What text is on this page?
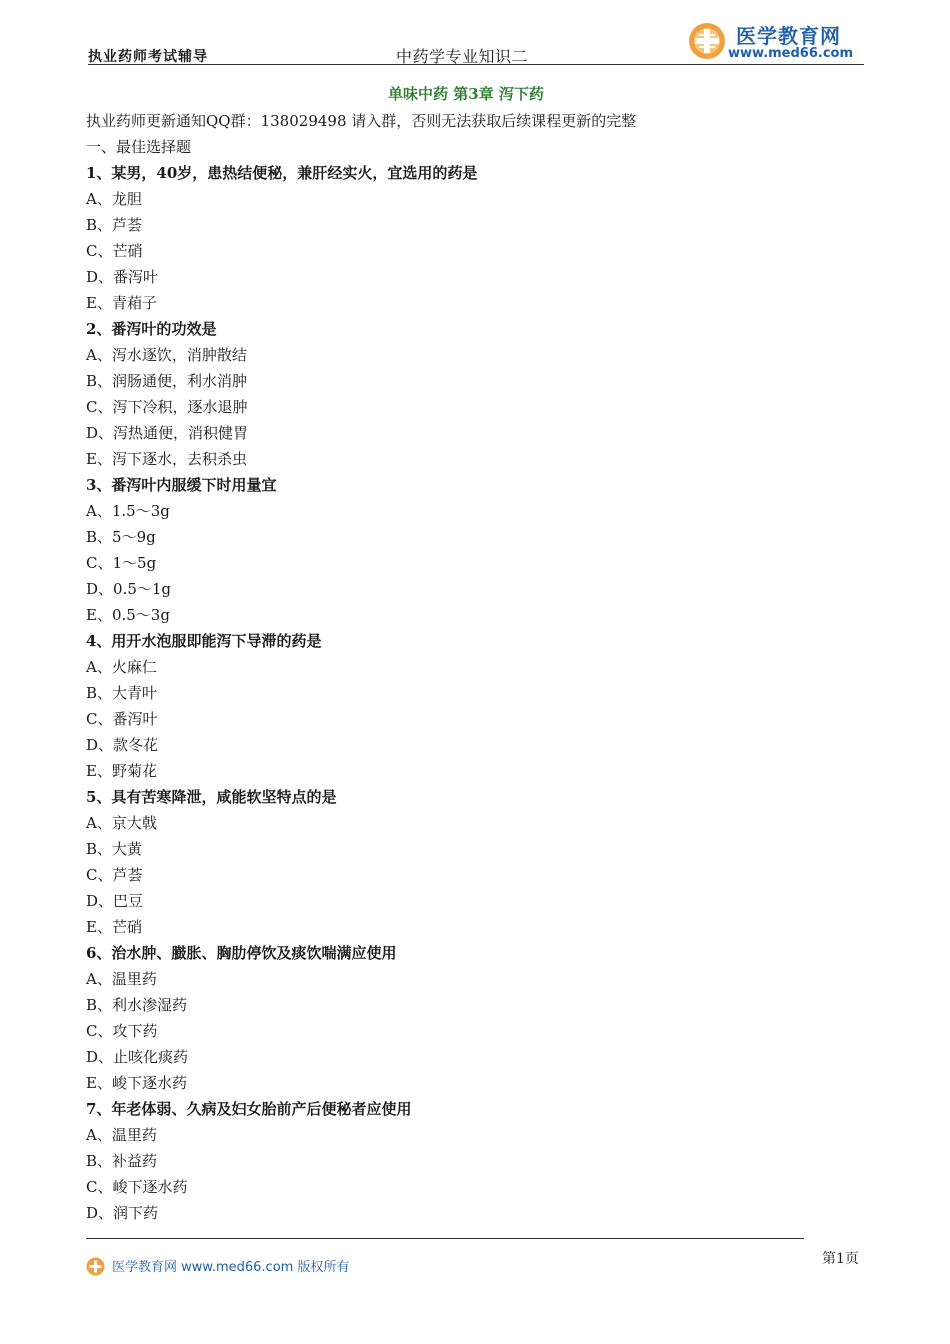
执业药师考试辅导	中药学专业知识二
医学教育网
www.med66.com
单味中药 第3章 泻下药
执业药师更新通知QQ群：138029498 请入群，否则无法获取后续课程更新的完整
一、最佳选择题
1、某男，40岁，患热结便秘，兼肝经实火，宜选用的药是
A、龙胆
B、芦荟
C、芒硝
D、番泻叶
E、青葙子
2、番泻叶的功效是
A、泻水逐饮，消肿散结
B、润肠通便，利水消肿
C、泻下冷积，逐水退肿
D、泻热通便，消积健胃
E、泻下逐水，去积杀虫
3、番泻叶内服缓下时用量宜
A、1.5～3g
B、5～9g
C、1～5g
D、0.5～1g
E、0.5～3g
4、用开水泡服即能泻下导滞的药是
A、火麻仁
B、大青叶
C、番泻叶
D、款冬花
E、野菊花
5、具有苦寒降泄，咸能软坚特点的是
A、京大戟
B、大黄
C、芦荟
D、巴豆
E、芒硝
6、治水肿、臌胀、胸肋停饮及痰饮喘满应使用
A、温里药
B、利水渗湿药
C、攻下药
D、止咳化痰药
E、峻下逐水药
7、年老体弱、久病及妇女胎前产后便秘者应使用
A、温里药
B、补益药
C、峻下逐水药
D、润下药
第1页
医学教育网 www.med66.com 版权所有
